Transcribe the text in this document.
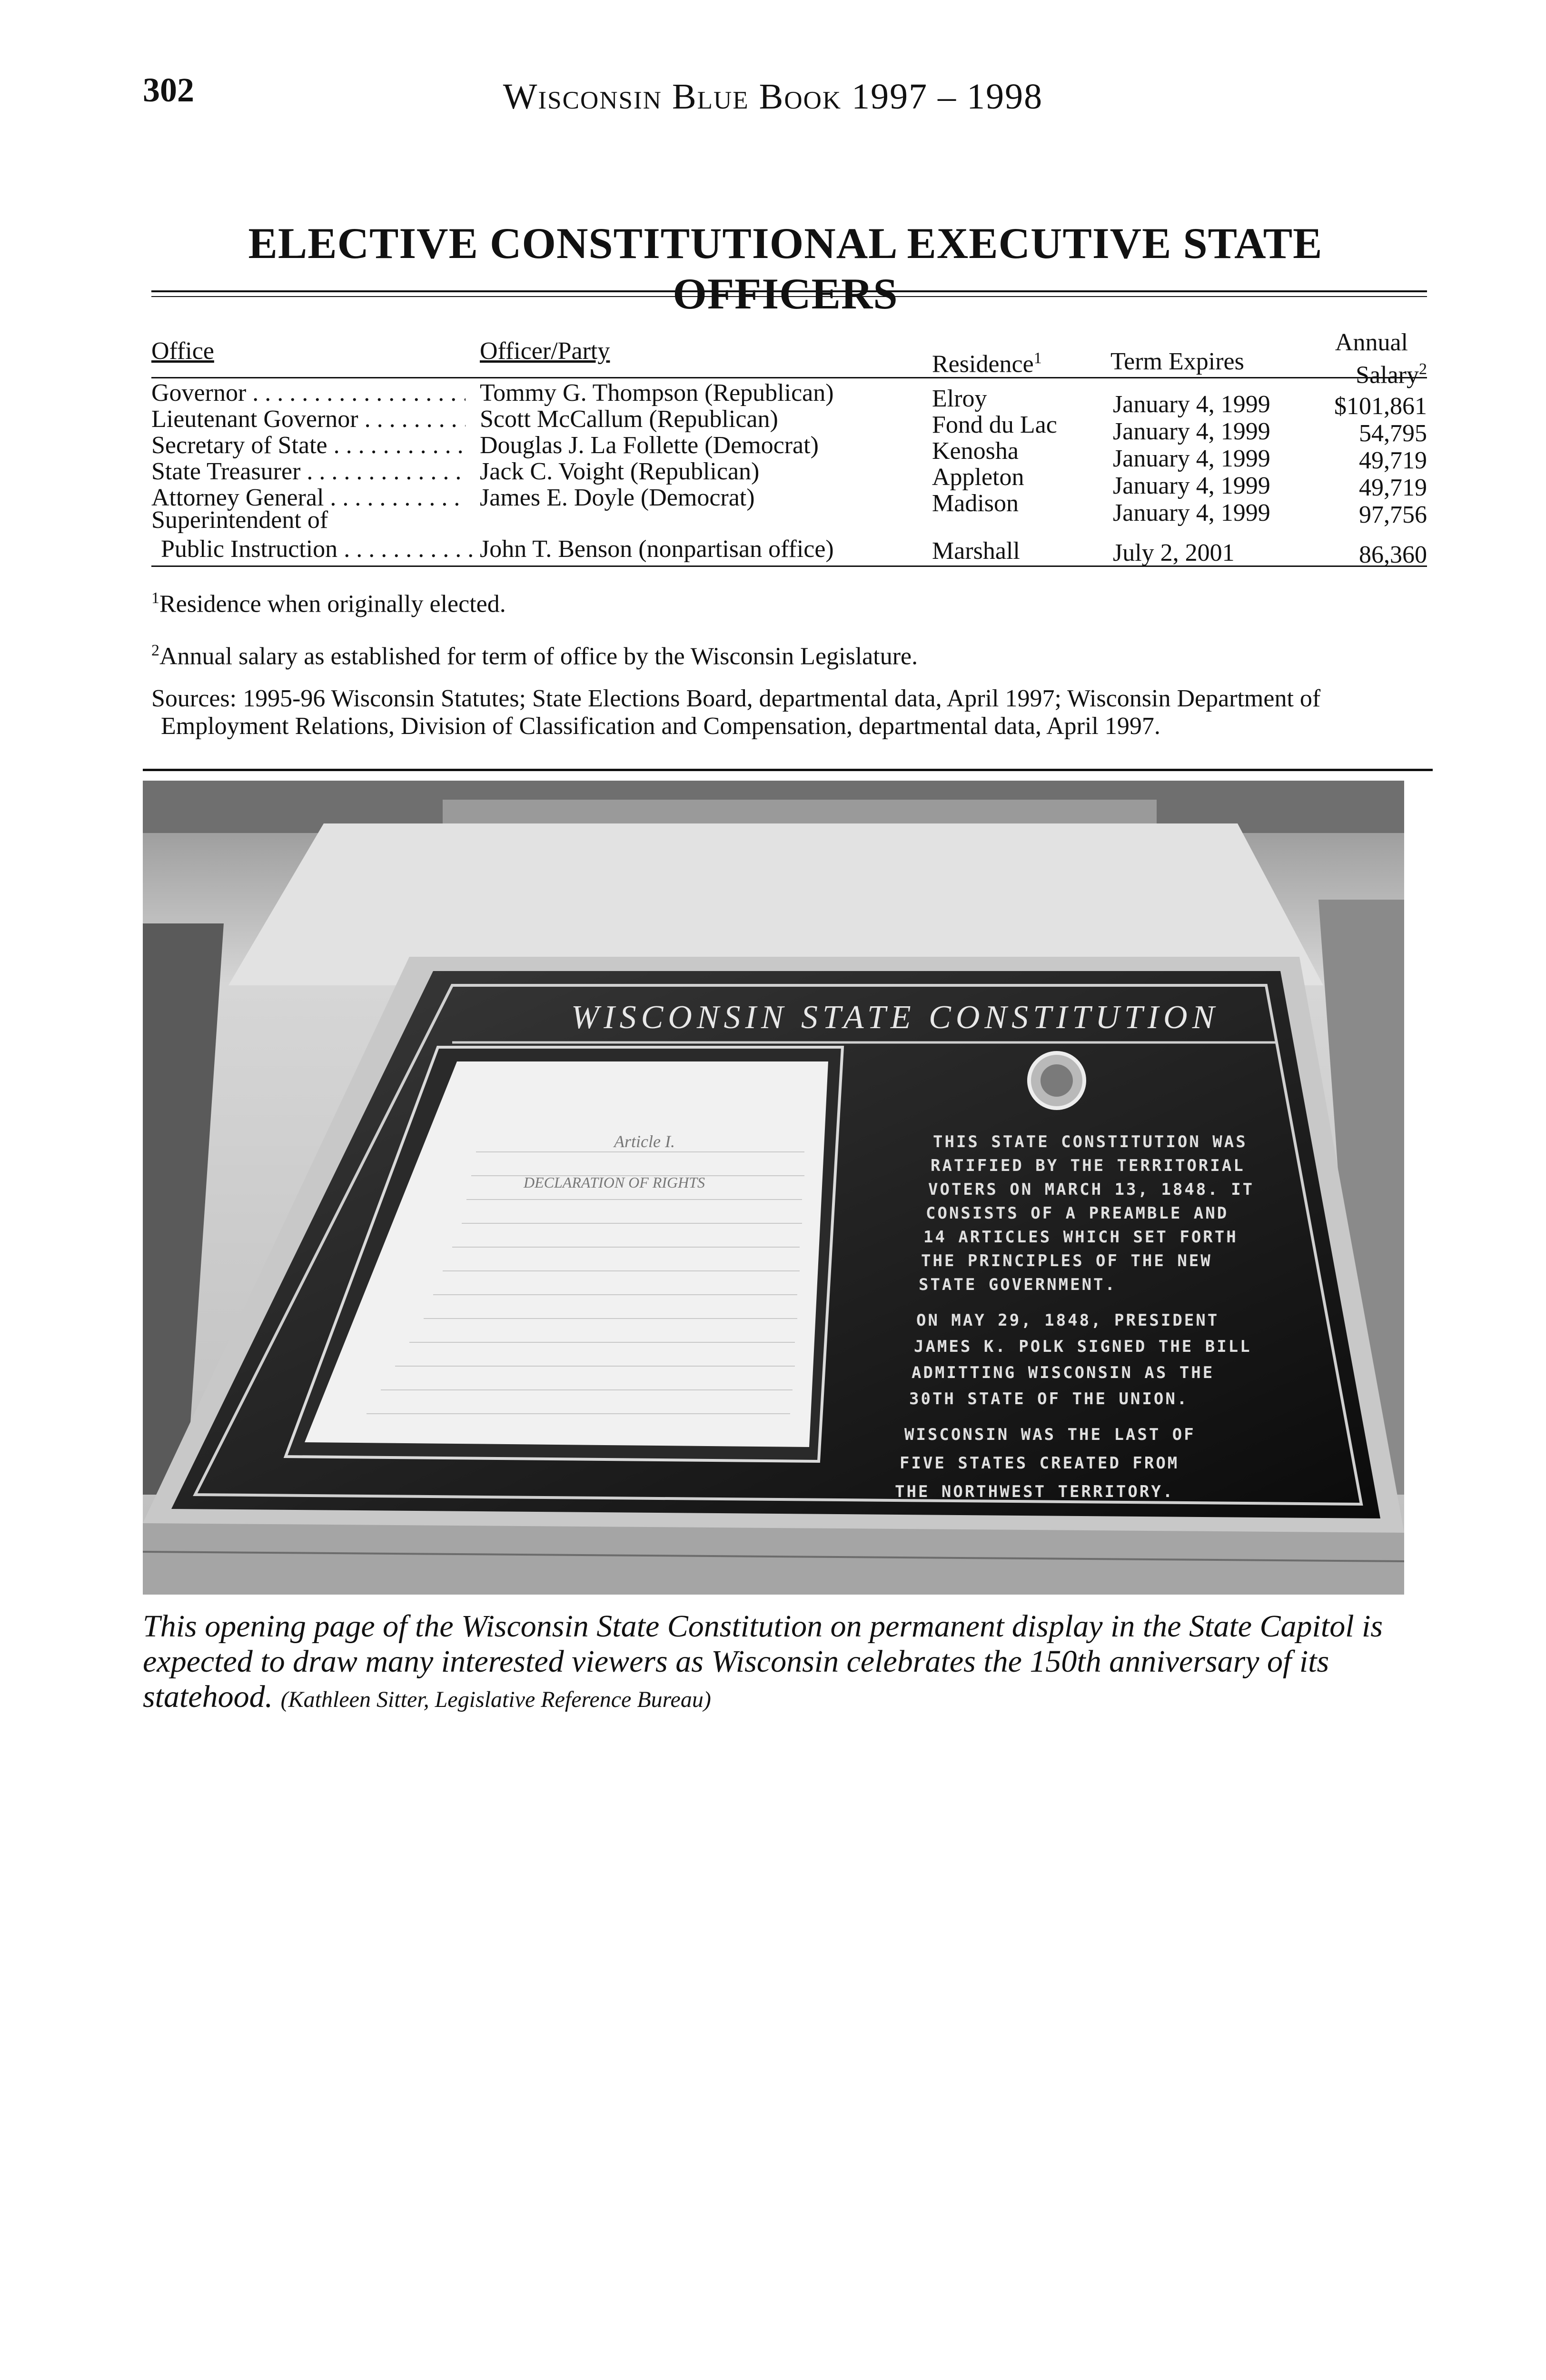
302	Wisconsin Blue Book 1997 – 1998
ELECTIVE CONSTITUTIONAL EXECUTIVE STATE OFFICERS
Office	Officer/Party	Residence$^1$	Term Expires
Annual
Salary$^2$
Governor . . .	Tommy G. Thompson (Republican)	Elroy	January 4, 1999	$101,861
Lieutenant Governor . . .	Scott McCallum (Republican)	Fond du Lac January 4, 1999	54,795
Secretary of State . . .	Douglas J. La Follette (Democrat)	Kenosha	January 4, 1999	49,719
State Treasurer . . .	Jack C. Voight (Republican)	Appleton	January 4, 1999	49,719
Attorney General . . .	James E. Doyle (Democrat)	Madison	January 4, 1999	97,756
Superintendent of
Public Instruction . . .	John T. Benson (nonpartisan office)	Marshall	July 2, 2001	86,360
$^1$Residence when originally elected.
$^2$Annual salary as established for term of office by the Wisconsin Legislature.
Sources: 1995-96 Wisconsin Statutes; State Elections Board, departmental data, April 1997; Wisconsin Department of Employment Relations, Division of Classification and Compensation, departmental data, April 1997.
WISCONSIN STATE CONSTITUTION
Article I.
DECLARATION OF RIGHTS
THIS STATE CONSTITUTION WAS
RATIFIED BY THE TERRITORIAL
VOTERS ON MARCH 13, 1848. IT
CONSISTS OF A PREAMBLE AND
14 ARTICLES WHICH SET FORTH
THE PRINCIPLES OF THE NEW
STATE GOVERNMENT.
ON MAY 29, 1848, PRESIDENT
JAMES K. POLK SIGNED THE BILL
ADMITTING WISCONSIN AS THE
30TH STATE OF THE UNION.
WISCONSIN WAS THE LAST OF
FIVE STATES CREATED FROM
THE NORTHWEST TERRITORY.
This opening page of the Wisconsin State Constitution on permanent display in the State Capitol is expected to draw many interested viewers as Wisconsin celebrates the 150th anniversary of its statehood. (Kathleen Sitter, Legislative Reference Bureau)
